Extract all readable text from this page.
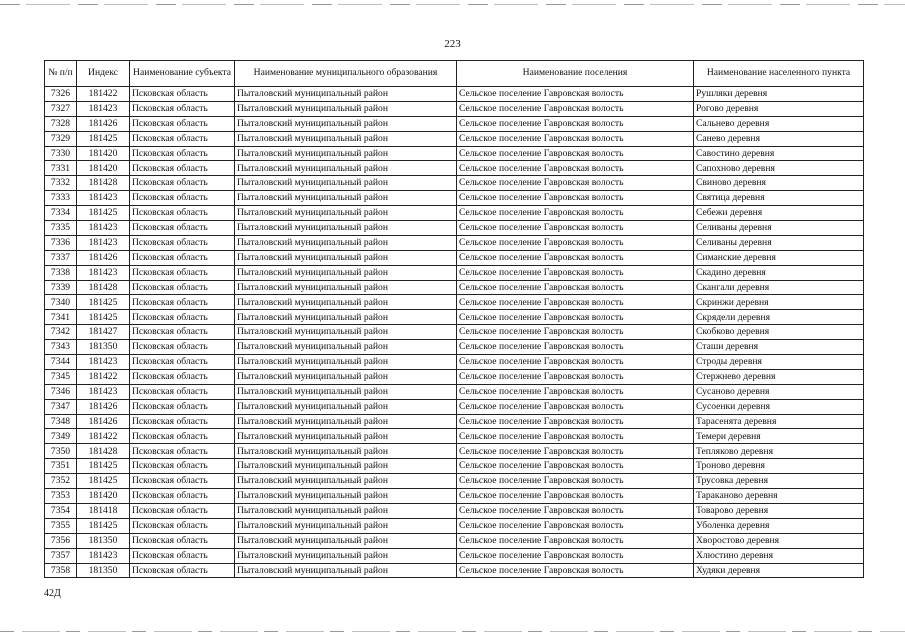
223
№ п/п	Индекс	Наименование субъекта	Наименование муниципального образования	Наименование поселения	Наименование населенного пункта
7326	181422	Псковская область	Пыталовский муниципальный район	Сельское поселение Гавровская волость	Рушляки деревня
7327	181423	Псковская область	Пыталовский муниципальный район	Сельское поселение Гавровская волость	Рогово деревня
7328	181426	Псковская область	Пыталовский муниципальный район	Сельское поселение Гавровская волость	Сальнево деревня
7329	181425	Псковская область	Пыталовский муниципальный район	Сельское поселение Гавровская волость	Санево деревня
7330	181420	Псковская область	Пыталовский муниципальный район	Сельское поселение Гавровская волость	Савостино деревня
7331	181420	Псковская область	Пыталовский муниципальный район	Сельское поселение Гавровская волость	Сапохново деревня
7332	181428	Псковская область	Пыталовский муниципальный район	Сельское поселение Гавровская волость	Свиново деревня
7333	181423	Псковская область	Пыталовский муниципальный район	Сельское поселение Гавровская волость	Святица деревня
7334	181425	Псковская область	Пыталовский муниципальный район	Сельское поселение Гавровская волость	Себежи деревня
7335	181423	Псковская область	Пыталовский муниципальный район	Сельское поселение Гавровская волость	Селиваны деревня
7336	181423	Псковская область	Пыталовский муниципальный район	Сельское поселение Гавровская волость	Селиваны деревня
7337	181426	Псковская область	Пыталовский муниципальный район	Сельское поселение Гавровская волость	Симанские деревня
7338	181423	Псковская область	Пыталовский муниципальный район	Сельское поселение Гавровская волость	Скадино деревня
7339	181428	Псковская область	Пыталовский муниципальный район	Сельское поселение Гавровская волость	Скангали деревня
7340	181425	Псковская область	Пыталовский муниципальный район	Сельское поселение Гавровская волость	Скринжи деревня
7341	181425	Псковская область	Пыталовский муниципальный район	Сельское поселение Гавровская волость	Скрядели деревня
7342	181427	Псковская область	Пыталовский муниципальный район	Сельское поселение Гавровская волость	Скобково деревня
7343	181350	Псковская область	Пыталовский муниципальный район	Сельское поселение Гавровская волость	Сташи деревня
7344	181423	Псковская область	Пыталовский муниципальный район	Сельское поселение Гавровская волость	Строды деревня
7345	181422	Псковская область	Пыталовский муниципальный район	Сельское поселение Гавровская волость	Стержнево деревня
7346	181423	Псковская область	Пыталовский муниципальный район	Сельское поселение Гавровская волость	Сусаново деревня
7347	181426	Псковская область	Пыталовский муниципальный район	Сельское поселение Гавровская волость	Сусоенки деревня
7348	181426	Псковская область	Пыталовский муниципальный район	Сельское поселение Гавровская волость	Тарасенята деревня
7349	181422	Псковская область	Пыталовский муниципальный район	Сельское поселение Гавровская волость	Темери деревня
7350	181428	Псковская область	Пыталовский муниципальный район	Сельское поселение Гавровская волость	Тепляково деревня
7351	181425	Псковская область	Пыталовский муниципальный район	Сельское поселение Гавровская волость	Троново деревня
7352	181425	Псковская область	Пыталовский муниципальный район	Сельское поселение Гавровская волость	Трусовка деревня
7353	181420	Псковская область	Пыталовский муниципальный район	Сельское поселение Гавровская волость	Тараканово деревня
7354	181418	Псковская область	Пыталовский муниципальный район	Сельское поселение Гавровская волость	Товарово деревня
7355	181425	Псковская область	Пыталовский муниципальный район	Сельское поселение Гавровская волость	Уболенка деревня
7356	181350	Псковская область	Пыталовский муниципальный район	Сельское поселение Гавровская волость	Хворостово деревня
7357	181423	Псковская область	Пыталовский муниципальный район	Сельское поселение Гавровская волость	Хлюстино деревня
7358	181350	Псковская область	Пыталовский муниципальный район	Сельское поселение Гавровская волость	Худяки деревня
42Д
